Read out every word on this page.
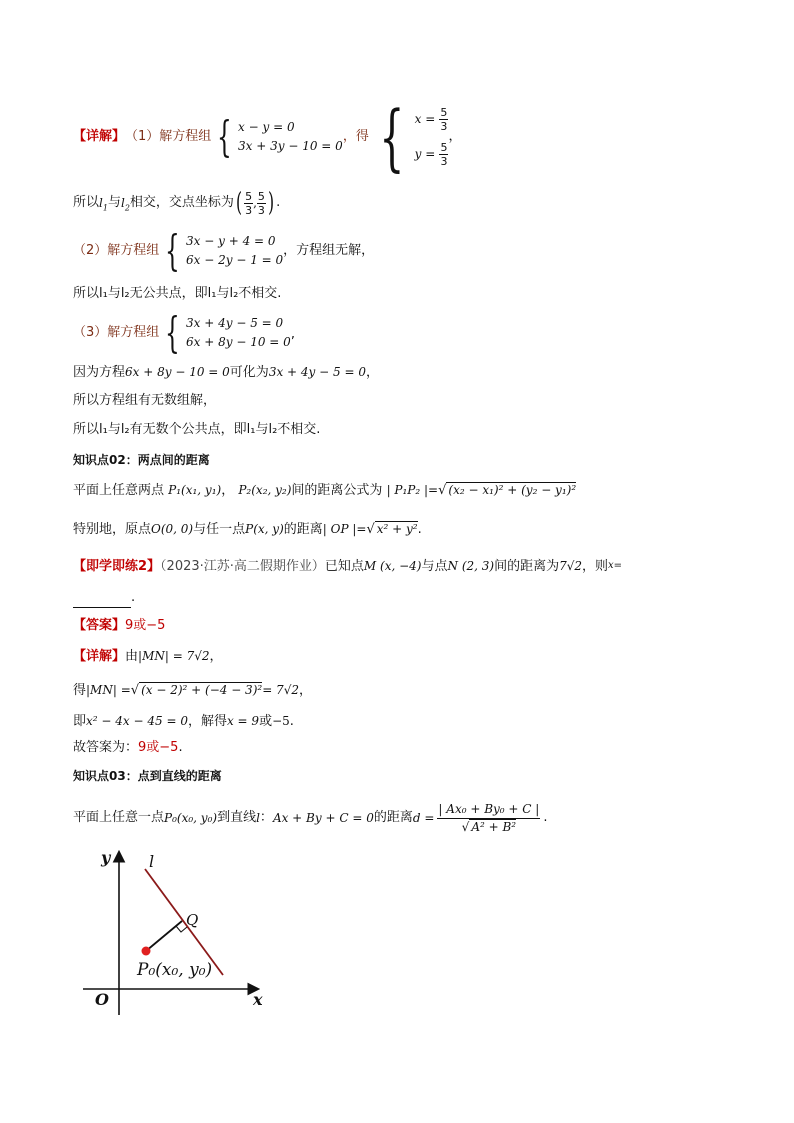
【详解】 （1）解方程组 { x − y = 0
3x + 3y − 10 = 0
，得 { $x = \frac{5}{3}$
$y = \frac{5}{3}$
，
所以 $l_1$ 与 $l_2$ 相交，交点坐标为 ( $\frac{5}{3}$ , $\frac{5}{3}$ ) .
（2）解方程组 { 3x − y + 4 = 0
6x − 2y − 1 = 0
，方程组无解，
所以l₁与l₂无公共点，即l₁与l₂不相交.
（3）解方程组 { 3x + 4y − 5 = 0
6x + 8y − 10 = 0’
因为方程6x + 8y − 10 = 0可化为3x + 4y − 5 = 0，
所以方程组有无数组解，
所以l₁与l₂有无数个公共点，即l₁与l₂不相交.
知识点02：两点间的距离
平面上任意两点 P₁(x₁, y₁)， P₂(x₂, y₂)间的距离公式为 | P₁P₂ |=√ (x₂ − x₁)² + (y₂ − y₁)²
特别地，原点O(0, 0)与任一点P(x, y)的距离| OP |=√ x² + y².
【即学即练2】（2023·江苏·高二假期作业）已知点M (x, −4)与点N (2, 3)间的距离为7√2，则$^{x=}$
.
【答案】9或−5
【详解】由|MN| = 7√2，
得|MN| =√ (x − 2)² + (−4 − 3)²= 7√2，
即x² − 4x − 45 = 0，解得x = 9或−5.
故答案为：9或−5.
知识点03：点到直线的距离
平面上任意一点 P₀(x₀, y₀) 到直线 l ： Ax + By + C = 0 的距离 $d = \frac{\text{| Ax₀ + By₀ + C |}}{\text{√ A² + B²}}$ .
y
x
O
l
Q
P₀(x₀, y₀)
